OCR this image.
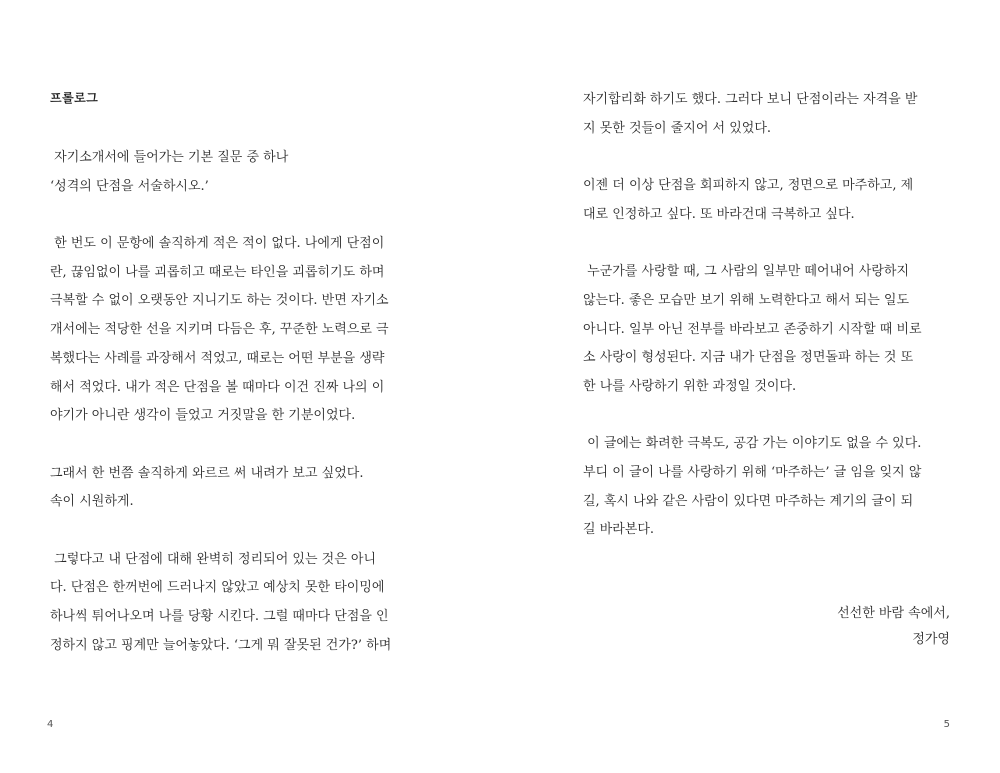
프롤로그
자기소개서에 들어가는 기본 질문 중 하나
‘성격의 단점을 서술하시오.’
한 번도 이 문항에 솔직하게 적은 적이 없다. 나에게 단점이
란, 끊임없이 나를 괴롭히고 때로는 타인을 괴롭히기도 하며
극복할 수 없이 오랫동안 지니기도 하는 것이다. 반면 자기소
개서에는 적당한 선을 지키며 다듬은 후, 꾸준한 노력으로 극
복했다는 사례를 과장해서 적었고, 때로는 어떤 부분을 생략
해서 적었다. 내가 적은 단점을 볼 때마다 이건 진짜 나의 이
야기가 아니란 생각이 들었고 거짓말을 한 기분이었다.
그래서 한 번쯤 솔직하게 와르르 써 내려가 보고 싶었다.
속이 시원하게.
그렇다고 내 단점에 대해 완벽히 정리되어 있는 것은 아니
다. 단점은 한꺼번에 드러나지 않았고 예상치 못한 타이밍에
하나씩 튀어나오며 나를 당황 시킨다. 그럴 때마다 단점을 인
정하지 않고 핑계만 늘어놓았다. ‘그게 뭐 잘못된 건가?’ 하며
4
자기합리화 하기도 했다. 그러다 보니 단점이라는 자격을 받
지 못한 것들이 줄지어 서 있었다.
이젠 더 이상 단점을 회피하지 않고, 정면으로 마주하고, 제
대로 인정하고 싶다. 또 바라건대 극복하고 싶다.
누군가를 사랑할 때, 그 사람의 일부만 떼어내어 사랑하지
않는다. 좋은 모습만 보기 위해 노력한다고 해서 되는 일도
아니다. 일부 아닌 전부를 바라보고 존중하기 시작할 때 비로
소 사랑이 형성된다. 지금 내가 단점을 정면돌파 하는 것 또
한 나를 사랑하기 위한 과정일 것이다.
이 글에는 화려한 극복도, 공감 가는 이야기도 없을 수 있다.
부디 이 글이 나를 사랑하기 위해 ‘마주하는’ 글 임을 잊지 않
길, 혹시 나와 같은 사람이 있다면 마주하는 계기의 글이 되
길 바라본다.
선선한 바람 속에서,
정가영
5
